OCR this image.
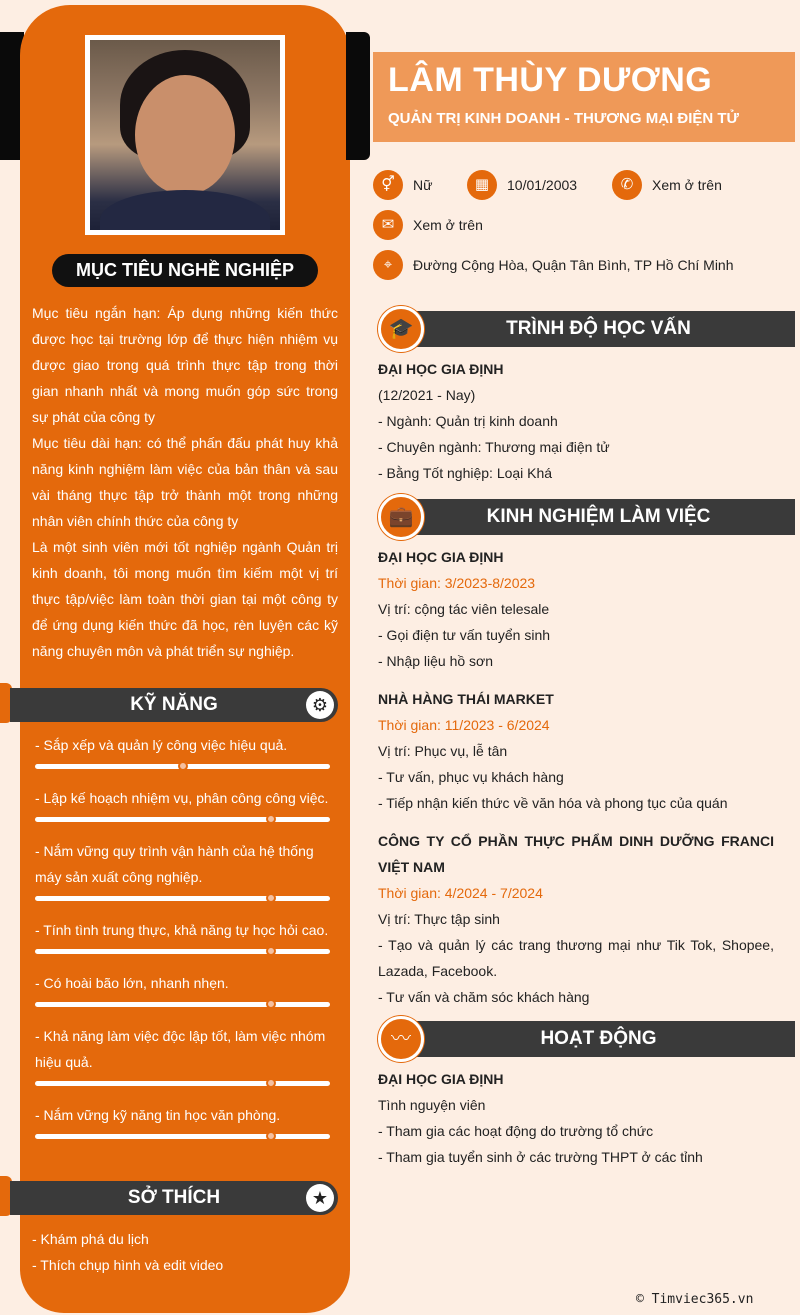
MỤC TIÊU NGHỀ NGHIỆP

Mục tiêu ngắn hạn: Áp dụng những kiến thức được học tại trường lớp để thực hiện nhiệm vụ được giao trong quá trình thực tập trong thời gian nhanh nhất và mong muốn góp sức trong sự phát của công ty

Mục tiêu dài hạn: có thể phấn đấu phát huy khả năng kinh nghiệm làm việc của bản thân và sau vài tháng thực tập trở thành một trong những nhân viên chính thức của công ty

Là một sinh viên mới tốt nghiệp ngành Quản trị kinh doanh, tôi mong muốn tìm kiếm một vị trí thực tập/việc làm toàn thời gian tại một công ty để ứng dụng kiến thức đã học, rèn luyện các kỹ năng chuyên môn và phát triển sự nghiệp.

KỸ NĂNG	⚙
- Sắp xếp và quản lý công việc hiệu quả.
- Lập kế hoạch nhiệm vụ, phân công công việc.
- Nắm vững quy trình vận hành của hệ thống máy sản xuất công nghiệp.
- Tính tình trung thực, khả năng tự học hỏi cao.
- Có hoài bão lớn, nhanh nhẹn.
- Khả năng làm việc độc lập tốt, làm việc nhóm hiệu quả.
- Nắm vững kỹ năng tin học văn phòng.
SỞ THÍCH	★
- Khám phá du lịch
- Thích chụp hình và edit video
LÂM THÙY DƯƠNG
QUẢN TRỊ KINH DOANH - THƯƠNG MẠI ĐIỆN TỬ
⚥	Nữ	▦	10/01/2003	✆	Xem ở trên
✉	Xem ở trên
⌖	Đường Cộng Hòa, Quận Tân Bình, TP Hồ Chí Minh
TRÌNH ĐỘ HỌC VẤN
🎓
ĐẠI HỌC GIA ĐỊNH
(12/2021 - Nay)
- Ngành: Quản trị kinh doanh
- Chuyên ngành: Thương mại điện tử
- Bằng Tốt nghiệp: Loại Khá
KINH NGHIỆM LÀM VIỆC
💼
ĐẠI HỌC GIA ĐỊNH
Thời gian: 3/2023-8/2023
Vị trí: cộng tác viên telesale
- Gọi điện tư vấn tuyển sinh
- Nhập liệu hồ sơn
NHÀ HÀNG THÁI MARKET
Thời gian: 11/2023 - 6/2024
Vị trí: Phục vụ, lễ tân
- Tư vấn, phục vụ khách hàng
- Tiếp nhận kiến thức về văn hóa và phong tục của quán
CÔNG TY CỔ PHẦN THỰC PHẨM DINH DƯỠNG FRANCI VIỆT NAM
Thời gian: 4/2024 - 7/2024
Vị trí: Thực tập sinh
- Tạo và quản lý các trang thương mại như Tik Tok, Shopee, Lazada, Facebook.
- Tư vấn và chăm sóc khách hàng
HOẠT ĐỘNG
〰
ĐẠI HỌC GIA ĐỊNH
Tình nguyện viên
- Tham gia các hoạt động do trường tổ chức
- Tham gia tuyển sinh ở các trường THPT ở các tỉnh
© Timviec365.vn
